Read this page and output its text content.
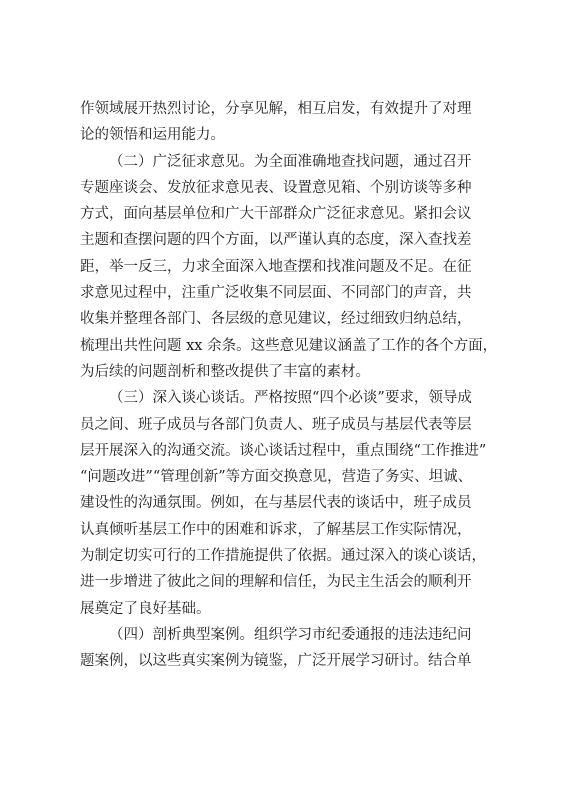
作领域展开热烈讨论，分享见解，相互启发，有效提升了对理
论的领悟和运用能力。
（二）广泛征求意见。为全面准确地查找问题，通过召开
专题座谈会、发放征求意见表、设置意见箱、个别访谈等多种
方式，面向基层单位和广大干部群众广泛征求意见。紧扣会议
主题和查摆问题的四个方面，以严谨认真的态度，深入查找差
距，举一反三，力求全面深入地查摆和找准问题及不足。在征
求意见过程中，注重广泛收集不同层面、不同部门的声音，共
收集并整理各部门、各层级的意见建议，经过细致归纳总结，
梳理出共性问题 xx 余条。这些意见建议涵盖了工作的各个方面，
为后续的问题剖析和整改提供了丰富的素材。
（三）深入谈心谈话。严格按照“四个必谈”要求，领导成
员之间、班子成员与各部门负责人、班子成员与基层代表等层
层开展深入的沟通交流。谈心谈话过程中，重点围绕“工作推进”
“问题改进”“管理创新”等方面交换意见，营造了务实、坦诚、
建设性的沟通氛围。例如，在与基层代表的谈话中，班子成员
认真倾听基层工作中的困难和诉求，了解基层工作实际情况，
为制定切实可行的工作措施提供了依据。通过深入的谈心谈话，
进一步增进了彼此之间的理解和信任，为民主生活会的顺利开
展奠定了良好基础。
（四）剖析典型案例。组织学习市纪委通报的违法违纪问
题案例，以这些真实案例为镜鉴，广泛开展学习研讨。结合单
